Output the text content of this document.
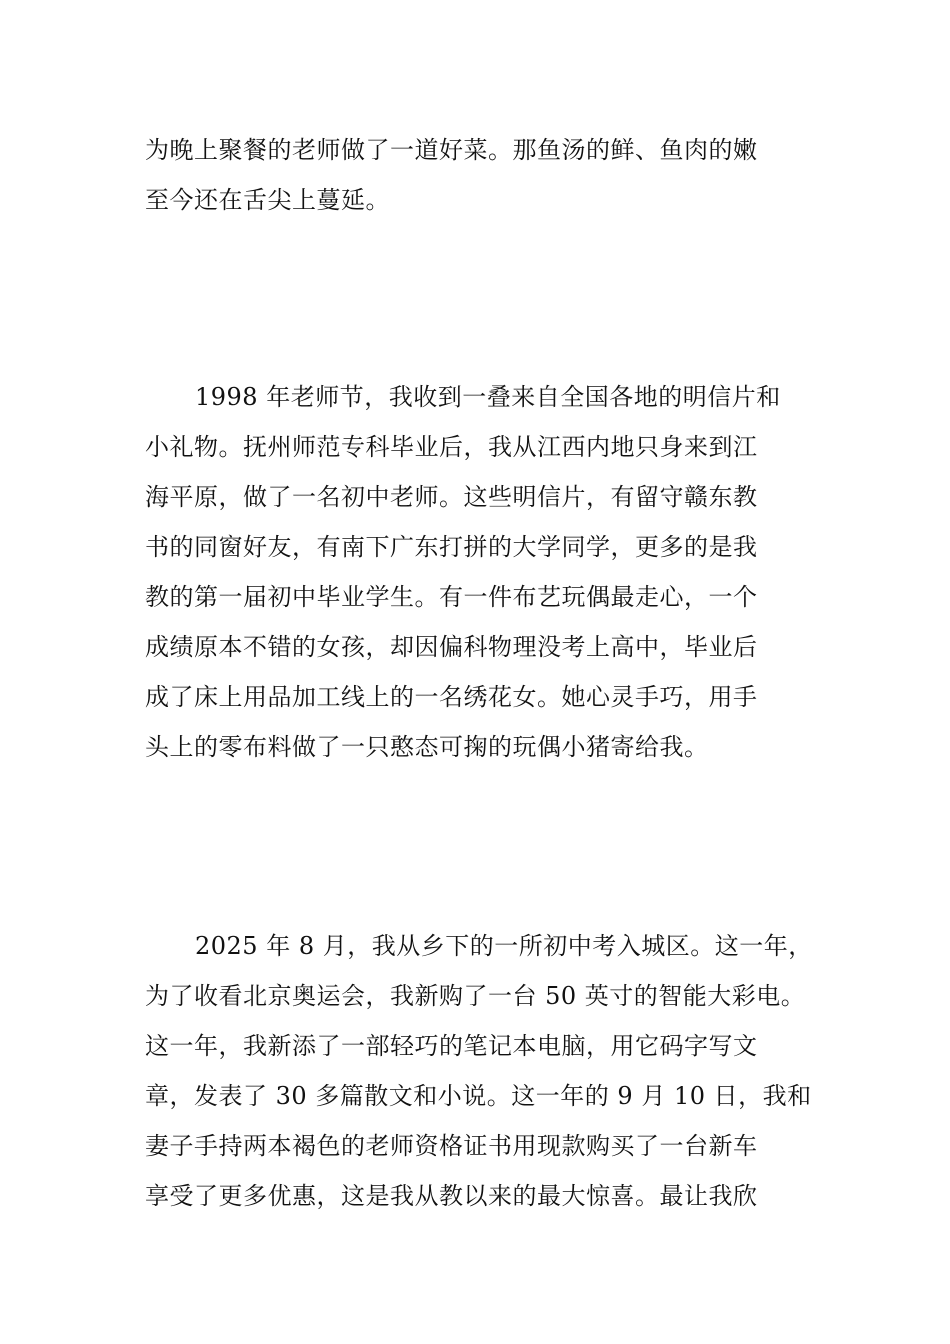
为晚上聚餐的老师做了一道好菜。那鱼汤的鲜、鱼肉的嫩
至今还在舌尖上蔓延。
1998 年老师节，我收到一叠来自全国各地的明信片和
小礼物。抚州师范专科毕业后，我从江西内地只身来到江
海平原，做了一名初中老师。这些明信片，有留守赣东教
书的同窗好友，有南下广东打拼的大学同学，更多的是我
教的第一届初中毕业学生。有一件布艺玩偶最走心，一个
成绩原本不错的女孩，却因偏科物理没考上高中，毕业后
成了床上用品加工线上的一名绣花女。她心灵手巧，用手
头上的零布料做了一只憨态可掬的玩偶小猪寄给我。
2025 年 8 月，我从乡下的一所初中考入城区。这一年，
为了收看北京奥运会，我新购了一台 50 英寸的智能大彩电。
这一年，我新添了一部轻巧的笔记本电脑，用它码字写文
章，发表了 30 多篇散文和小说。这一年的 9 月 10 日，我和
妻子手持两本褐色的老师资格证书用现款购买了一台新车
享受了更多优惠，这是我从教以来的最大惊喜。最让我欣
